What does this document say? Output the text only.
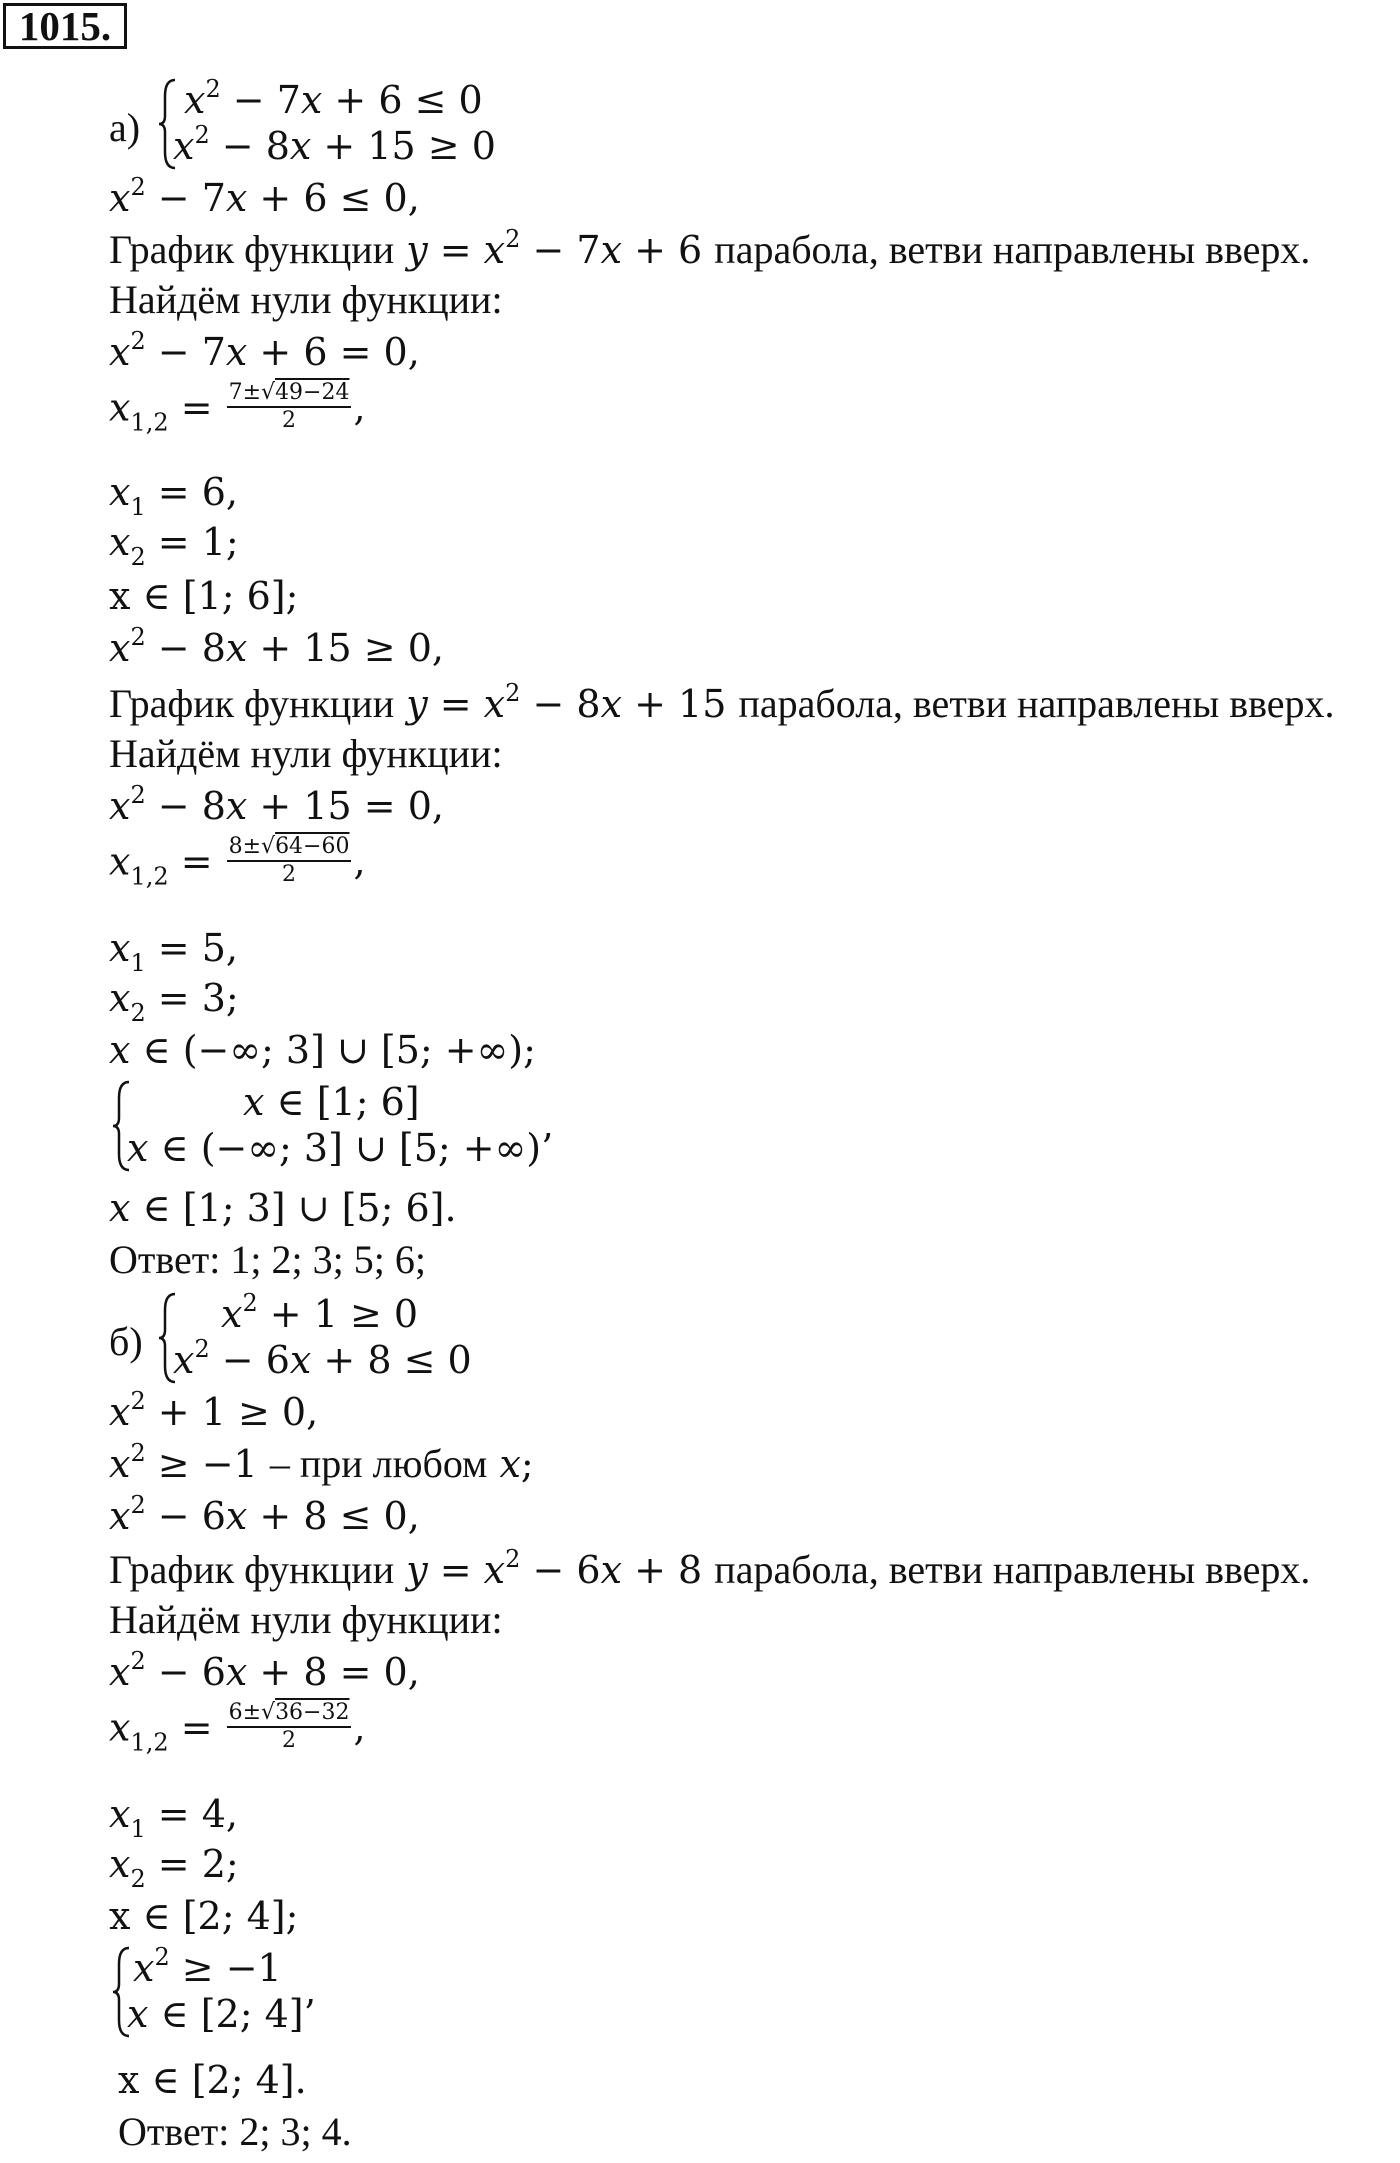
1015.
а)
$x^2 - 7x + 6 \le 0$
$x^2 - 8x + 15 \ge 0$
$x^2 - 7x + 6 \le 0$,
График функции $y = x^2 - 7x + 6$ парабола, ветви направлены вверх.
Найдём нули функции:
$x^2 - 7x + 6 = 0$,
$x_{1,2} = \frac{7\pm√49-24}{2}$ ,
$x_1 = 6$,
$x_2 = 1$;
x ∈ [1; 6];
$x^2 - 8x + 15 \ge 0$,
График функции $y = x^2 - 8x + 15$ парабола, ветви направлены вверх.
Найдём нули функции:
$x^2 - 8x + 15 = 0$,
$x_{1,2} = \frac{8\pm√64-60}{2}$ ,
$x_1 = 5$,
$x_2 = 3$;
x ∈ (−∞; 3] ∪ [5; +∞);
x ∈ [1; 6]
x ∈ (−∞; 3] ∪ [5; +∞)’
x ∈ [1; 3] ∪ [5; 6].
Ответ: 1; 2; 3; 5; 6;
б)
$x^2 + 1 \ge 0$
$x^2 - 6x + 8 \le 0$
$x^2 + 1 \ge 0$,
$x^2 \ge -1$ – при любом x;
$x^2 - 6x + 8 \le 0$,
График функции $y = x^2 - 6x + 8$ парабола, ветви направлены вверх.
Найдём нули функции:
$x^2 - 6x + 8 = 0$,
$x_{1,2} = \frac{6\pm√36-32}{2}$ ,
$x_1 = 4$,
$x_2 = 2$;
x ∈ [2; 4];
$x^2 \ge -1$
x ∈ [2; 4]’
x ∈ [2; 4].
Ответ: 2; 3; 4.
